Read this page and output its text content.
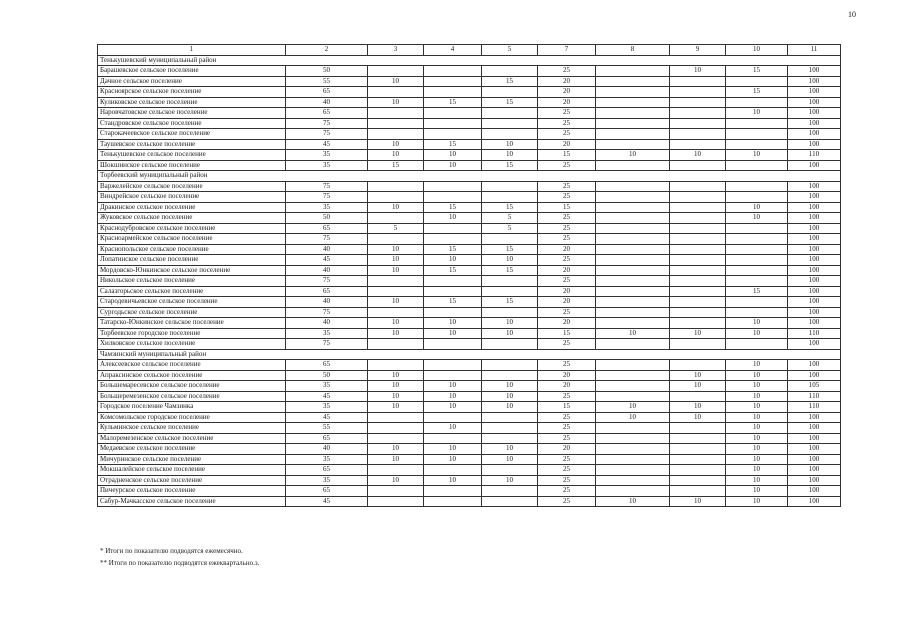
10
1	2	3	4	5	7	8	9	10	11
Тенькушевский муниципальный район									
Барашевское сельское поселение	50				25		10	15	100
Дачное сельское поселение	55	10		15	20				100
Красноярское сельское поселение	65				20			15	100
Куликовское сельское поселение	40	10	15	15	20				100
Наровчатовское сельское поселение	65				25			10	100
Стандровское сельское поселение	75				25				100
Старокачеевское сельское поселение	75				25				100
Таушевское сельское поселение	45	10	15	10	20				100
Тенькушевское сельское поселение	35	10	10	10	15	10	10	10	110
Шокшинское сельское поселение	35	15	10	15	25				100
Торбеевский муниципальный район									
Варжелейское сельское поселение	75				25				100
Виндрейское сельское поселение	75				25				100
Дракинское сельское поселение	35	10	15	15	15			10	100
Жуковское сельское поселение	50		10	5	25			10	100
Краснодубровское сельское поселение	65	5		5	25				100
Красноармейское сельское поселение	75				25				100
Краснопольское сельское поселение	40	10	15	15	20				100
Лопатинское сельское поселение	45	10	10	10	25				100
Мордовско-Юнкинское сельское поселение	40	10	15	15	20				100
Никольское сельское поселение	75				25				100
Салазгорьское сельское поселение	65				20			15	100
Стародевичьевское сельское поселение	40	10	15	15	20				100
Сургодьское сельское поселение	75				25				100
Татарско-Юнкинское сельское поселение	40	10	10	10	20			10	100
Торбеевское городское поселение	35	10	10	10	15	10	10	10	110
Хилковское сельское поселение	75				25				100
Чамзинский муниципальный район									
Алексеевское сельское поселение	65				25			10	100
Апраксинское сельское поселение	50	10			20		10	10	100
Большемаресевское сельское поселение	35	10	10	10	20		10	10	105
Большеремезенское сельское поселение	45	10	10	10	25			10	110
Городское поселение Чамзинка	35	10	10	10	15	10	10	10	110
Комсомольское городское поселение	45				25	10	10	10	100
Кульминское сельское поселение	55		10		25			10	100
Малоремезенское сельское поселение	65				25			10	100
Медаевское сельское поселение	40	10	10	10	20			10	100
Мичуринское сельское поселение	35	10	10	10	25			10	100
Мокшалейское сельское поселение	65				25			10	100
Отрадненское сельское поселение	35	10	10	10	25			10	100
Пичеурское сельское поселение	65				25			10	100
Сабур-Мачкасское сельское поселение	45				25	10	10	10	100
* Итоги по показателю подводятся ежемесячно.
** Итоги по показателю подводятся ежеквартально.з.
